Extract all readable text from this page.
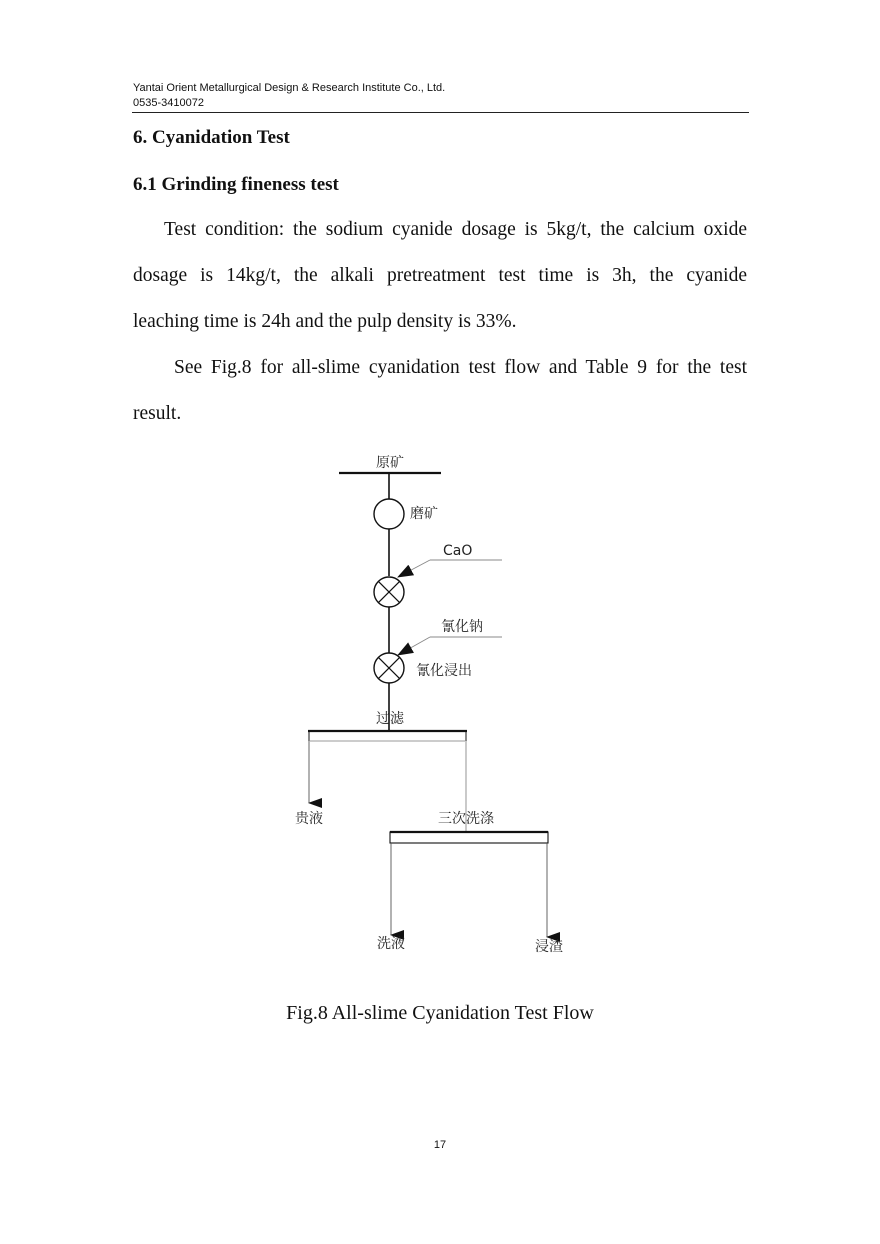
Yantai Orient Metallurgical Design & Research Institute Co., Ltd.
0535-3410072
6. Cyanidation Test
6.1 Grinding fineness test
Test condition: the sodium cyanide dosage is 5kg/t, the calcium oxide
dosage is 14kg/t, the alkali pretreatment test time is 3h, the cyanide
leaching time is 24h and the pulp density is 33%.
See Fig.8 for all-slime cyanidation test flow and Table 9 for the test
result.
原矿
磨矿
CaO
氰化钠
氰化浸出
过滤
贵液	三次洗涤
洗液	浸渣
Fig.8 All-slime Cyanidation Test Flow
17
